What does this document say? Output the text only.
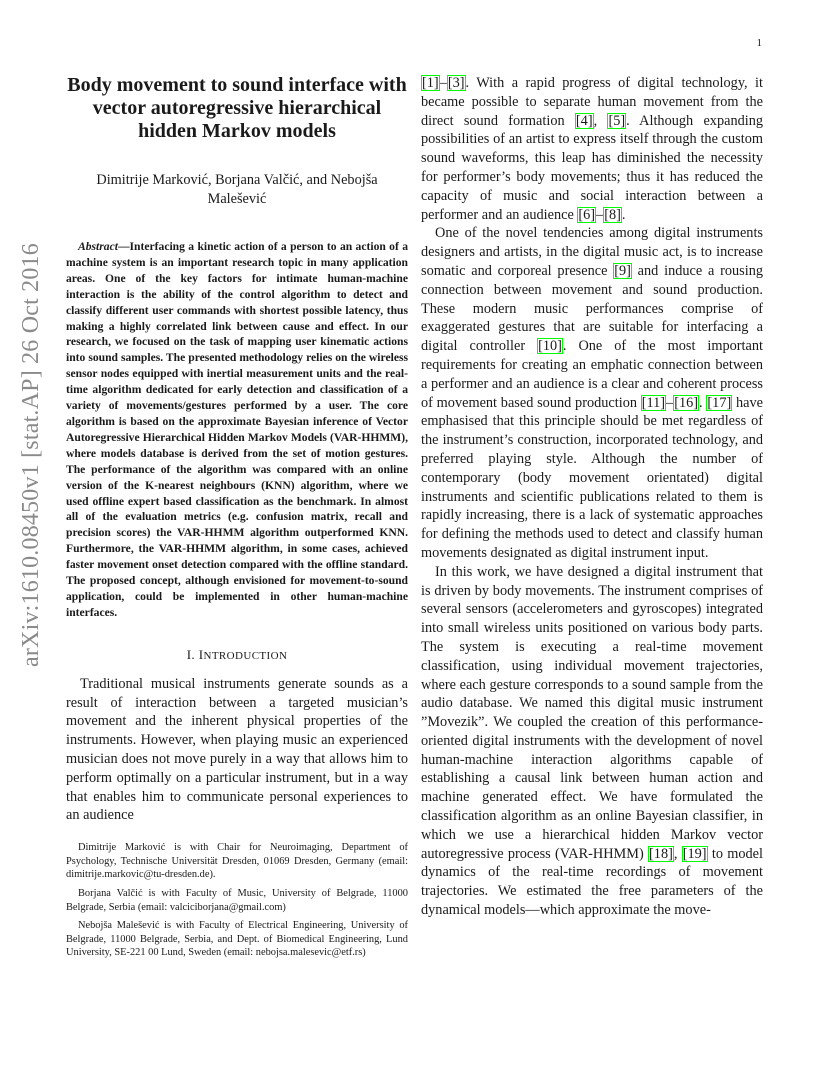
1
arXiv:1610.08450v1 [stat.AP] 26 Oct 2016
Body movement to sound interface with vector autoregressive hierarchical hidden Markov models
Dimitrije Marković, Borjana Valčić, and Nebojša Malešević

Abstract—Interfacing a kinetic action of a person to an action of a machine system is an important research topic in many application areas. One of the key factors for intimate human-machine interaction is the ability of the control algorithm to detect and classify different user commands with shortest possible latency, thus making a highly correlated link between cause and effect. In our research, we focused on the task of mapping user kinematic actions into sound samples. The presented methodology relies on the wireless sensor nodes equipped with inertial measurement units and the real-time algorithm dedicated for early detection and classification of a variety of movements/gestures performed by a user. The core algorithm is based on the approximate Bayesian inference of Vector Autoregressive Hierarchical Hidden Markov Models (VAR-HHMM), where models database is derived from the set of motion gestures. The performance of the algorithm was compared with an online version of the K-nearest neighbours (KNN) algorithm, where we used offline expert based classification as the benchmark. In almost all of the evaluation metrics (e.g. confusion matrix, recall and precision scores) the VAR-HHMM algorithm outperformed KNN. Furthermore, the VAR-HHMM algorithm, in some cases, achieved faster movement onset detection compared with the offline standard. The proposed concept, although envisioned for movement-to-sound application, could be implemented in other human-machine interfaces.

I. INTRODUCTION

Traditional musical instruments generate sounds as a result of interaction between a targeted musician’s movement and the inherent physical properties of the instruments. However, when playing music an experienced musician does not move purely in a way that allows him to perform optimally on a particular instrument, but in a way that enables him to communicate personal experiences to an audience

Dimitrije Marković is with Chair for Neuroimaging, Department of Psychology, Technische Universität Dresden, 01069 Dresden, Germany (email: dimitrije.markovic@tu-dresden.de).

Borjana Valčić is with Faculty of Music, University of Belgrade, 11000 Belgrade, Serbia (email: valciciborjana@gmail.com)

Nebojša Malešević is with Faculty of Electrical Engineering, University of Belgrade, 11000 Belgrade, Serbia, and Dept. of Biomedical Engineering, Lund University, SE-221 00 Lund, Sweden (email: nebojsa.malesevic@etf.rs)

[1]–[3]. With a rapid progress of digital technology, it became possible to separate human movement from the direct sound formation [4], [5]. Although expanding possibilities of an artist to express itself through the custom sound waveforms, this leap has diminished the necessity for performer’s body movements; thus it has reduced the capacity of music and social interaction between a performer and an audience [6]–[8].

One of the novel tendencies among digital instruments designers and artists, in the digital music act, is to increase somatic and corporeal presence [9] and induce a rousing connection between movement and sound production. These modern music performances comprise of exaggerated gestures that are suitable for interfacing a digital controller [10]. One of the most important requirements for creating an emphatic connection between a performer and an audience is a clear and coherent process of movement based sound production [11]–[16]. [17] have emphasised that this principle should be met regardless of the instrument’s construction, incorporated technology, and preferred playing style. Although the number of contemporary (body movement orientated) digital instruments and scientific publications related to them is rapidly increasing, there is a lack of systematic approaches for defining the methods used to detect and classify human movements designated as digital instrument input.

In this work, we have designed a digital instrument that is driven by body movements. The instrument comprises of several sensors (accelerometers and gyroscopes) integrated into small wireless units positioned on various body parts. The system is executing a real-time movement classification, using individual movement trajectories, where each gesture corresponds to a sound sample from the audio database. We named this digital music instrument ”Movezik”. We coupled the creation of this performance-oriented digital instruments with the development of novel human-machine interaction algorithms capable of establishing a causal link between human action and machine generated effect. We have formulated the classification algorithm as an online Bayesian classifier, in which we use a hierarchical hidden Markov vector autoregressive process (VAR-HHMM) [18], [19] to model dynamics of the real-time recordings of movement trajectories. We estimated the free parameters of the dynamical models—which approximate the move-
